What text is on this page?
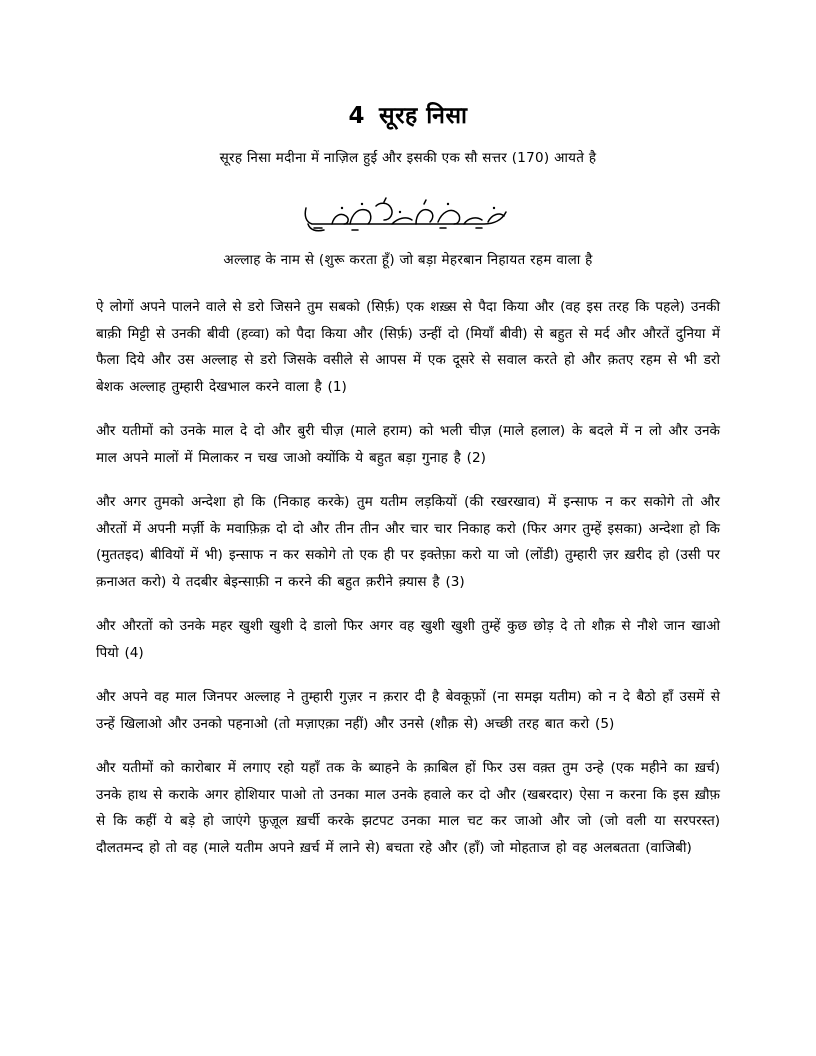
4 सूरह निसा
सूरह निसा मदीना में नाज़िल हुई और इसकी एक सौ सत्तर (170) आयते है
अल्लाह के नाम से (शुरू करता हूँ) जो बड़ा मेहरबान निहायत रहम वाला है

ऐ लोगों अपने पालने वाले से डरो जिसने तुम सबको (सिर्फ़) एक शख़्स से पैदा किया और (वह इस तरह कि पहले) उनकी बाक़ी मिट्टी से उनकी बीवी (हव्वा) को पैदा किया और (सिर्फ़) उन्हीं दो (मियाँ बीवी) से बहुत से मर्द और औरतें दुनिया में फैला दिये और उस अल्लाह से डरो जिसके वसीले से आपस में एक दूसरे से सवाल करते हो और क़तए रहम से भी डरो बेशक अल्लाह तुम्हारी देखभाल करने वाला है (1)

और यतीमों को उनके माल दे दो और बुरी चीज़ (माले हराम) को भली चीज़ (माले हलाल) के बदले में न लो और उनके माल अपने मालों में मिलाकर न चख जाओ क्योंकि ये बहुत बड़ा गुनाह है (2)

और अगर तुमको अन्देशा हो कि (निकाह करके) तुम यतीम लड़कियों (की रखरखाव) में इन्साफ न कर सकोगे तो और औरतों में अपनी मर्ज़ी के मवाफ़िक़ दो दो और तीन तीन और चार चार निकाह करो (फिर अगर तुम्हें इसका) अन्देशा हो कि (मुततइद) बीवियों में भी) इन्साफ न कर सकोगे तो एक ही पर इक्तेफ़ा करो या जो (लोंडी) तुम्हारी ज़र ख़रीद हो (उसी पर क़नाअत करो) ये तदबीर बेइन्साफ़ी न करने की बहुत क़रीने क़्यास है (3)

और औरतों को उनके महर खुशी खुशी दे डालो फिर अगर वह खुशी खुशी तुम्हें कुछ छोड़ दे तो शौक़ से नौशे जान खाओ पियो (4)

और अपने वह माल जिनपर अल्लाह ने तुम्हारी गुज़र न क़रार दी है बेवकूफ़ों (ना समझ यतीम) को न दे बैठो हाँ उसमें से उन्हें खिलाओ और उनको पहनाओ (तो मज़ाएक़ा नहीं) और उनसे (शौक़ से) अच्छी तरह बात करो (5)

और यतीमों को कारोबार में लगाए रहो यहाँ तक के ब्याहने के क़ाबिल हों फिर उस वक़्त तुम उन्हे (एक महीने का ख़र्च) उनके हाथ से कराके अगर होशियार पाओ तो उनका माल उनके हवाले कर दो और (खबरदार) ऐसा न करना कि इस ख़ौफ़ से कि कहीं ये बड़े हो जाएंगे फ़ुज़ूल ख़र्ची करके झटपट उनका माल चट कर जाओ और जो (जो वली या सरपरस्त) दौलतमन्द हो तो वह (माले यतीम अपने ख़र्च में लाने से) बचता रहे और (हाँ) जो मोहताज हो वह अलबतता (वाजिबी)
